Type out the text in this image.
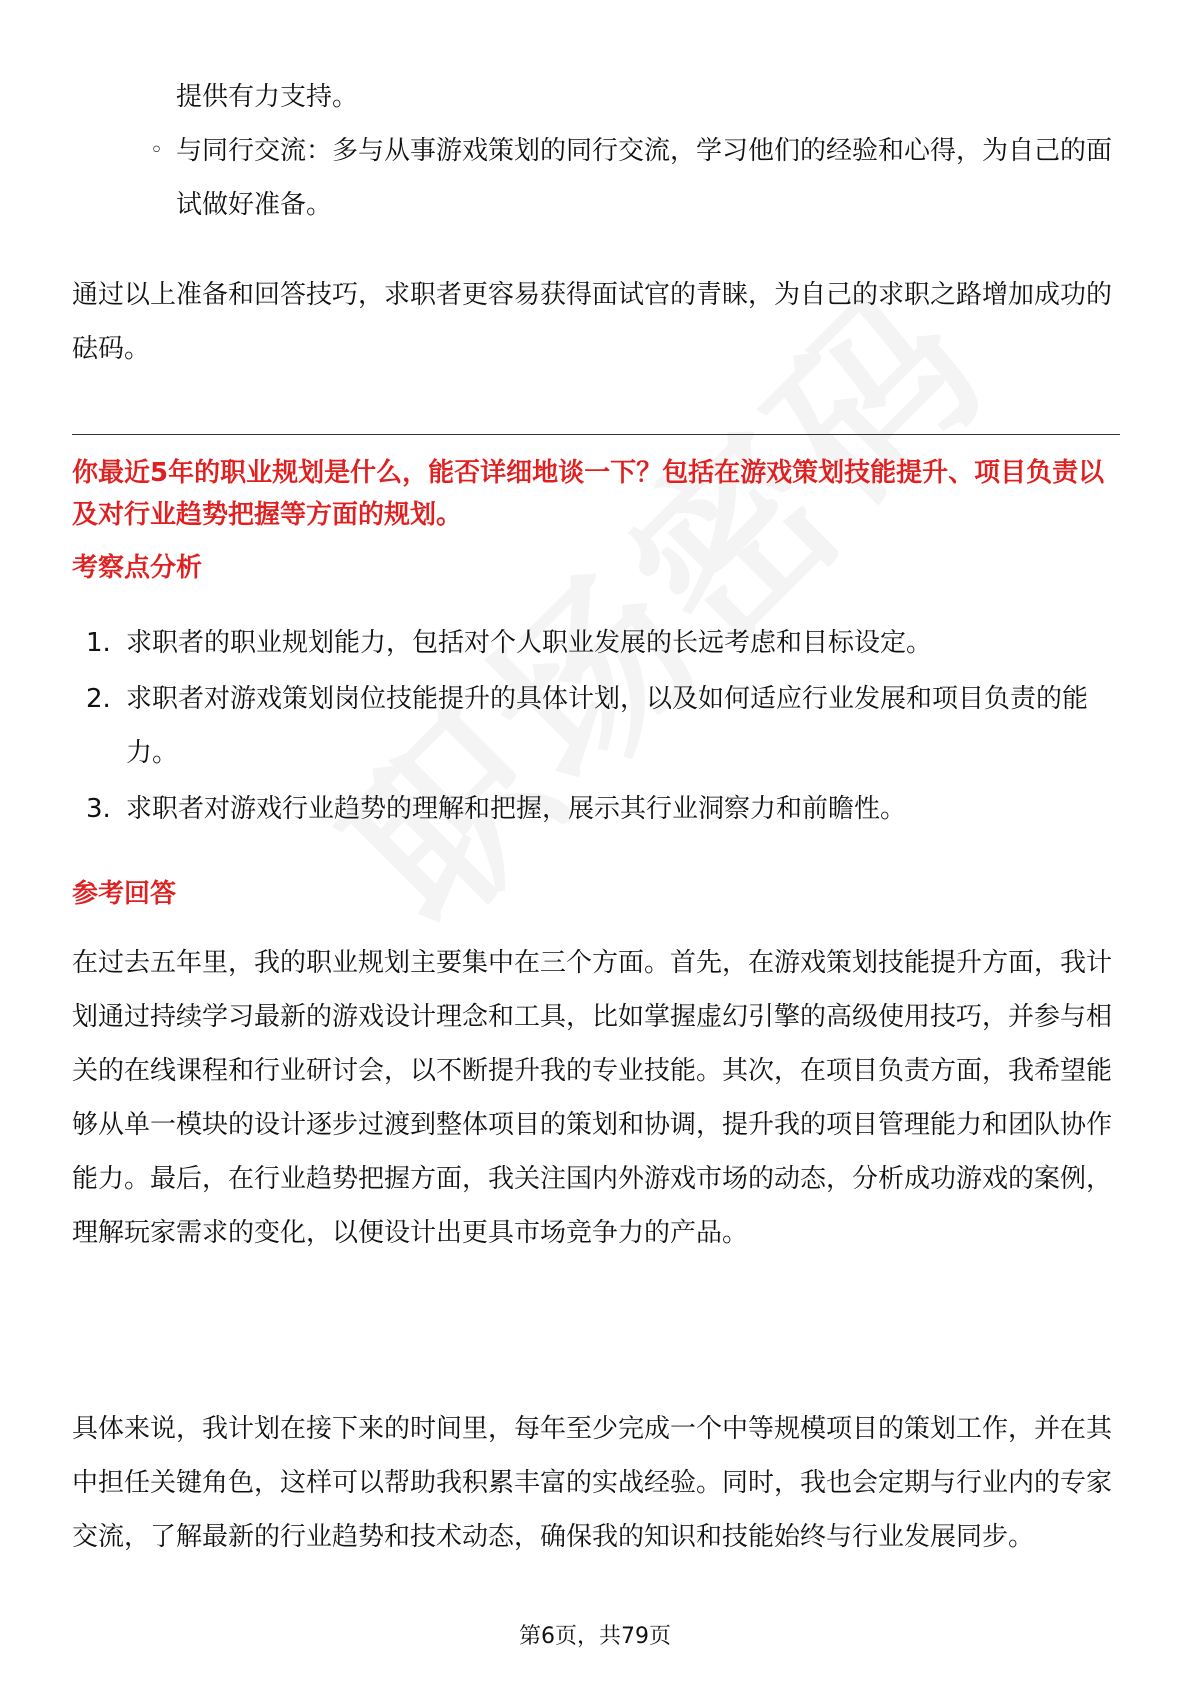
提供有力支持。

◦ 与同行交流：多与从事游戏策划的同行交流，学习他们的经验和心得，为自己的面试做好准备。

通过以上准备和回答技巧，求职者更容易获得面试官的青睐，为自己的求职之路增加成功的砝码。

你最近5年的职业规划是什么，能否详细地谈一下？包括在游戏策划技能提升、项目负责以及对行业趋势把握等方面的规划。
考察点分析
1. 求职者的职业规划能力，包括对个人职业发展的长远考虑和目标设定。
2. 求职者对游戏策划岗位技能提升的具体计划，以及如何适应行业发展和项目负责的能力。
3. 求职者对游戏行业趋势的理解和把握，展示其行业洞察力和前瞻性。
参考回答

在过去五年里，我的职业规划主要集中在三个方面。首先，在游戏策划技能提升方面，我计划通过持续学习最新的游戏设计理念和工具，比如掌握虚幻引擎的高级使用技巧，并参与相关的在线课程和行业研讨会，以不断提升我的专业技能。其次，在项目负责方面，我希望能够从单一模块的设计逐步过渡到整体项目的策划和协调，提升我的项目管理能力和团队协作能力。最后，在行业趋势把握方面，我关注国内外游戏市场的动态，分析成功游戏的案例，理解玩家需求的变化，以便设计出更具市场竞争力的产品。

具体来说，我计划在接下来的时间里，每年至少完成一个中等规模项目的策划工作，并在其中担任关键角色，这样可以帮助我积累丰富的实战经验。同时，我也会定期与行业内的专家交流，了解最新的行业趋势和技术动态，确保我的知识和技能始终与行业发展同步。

第6页，共79页
